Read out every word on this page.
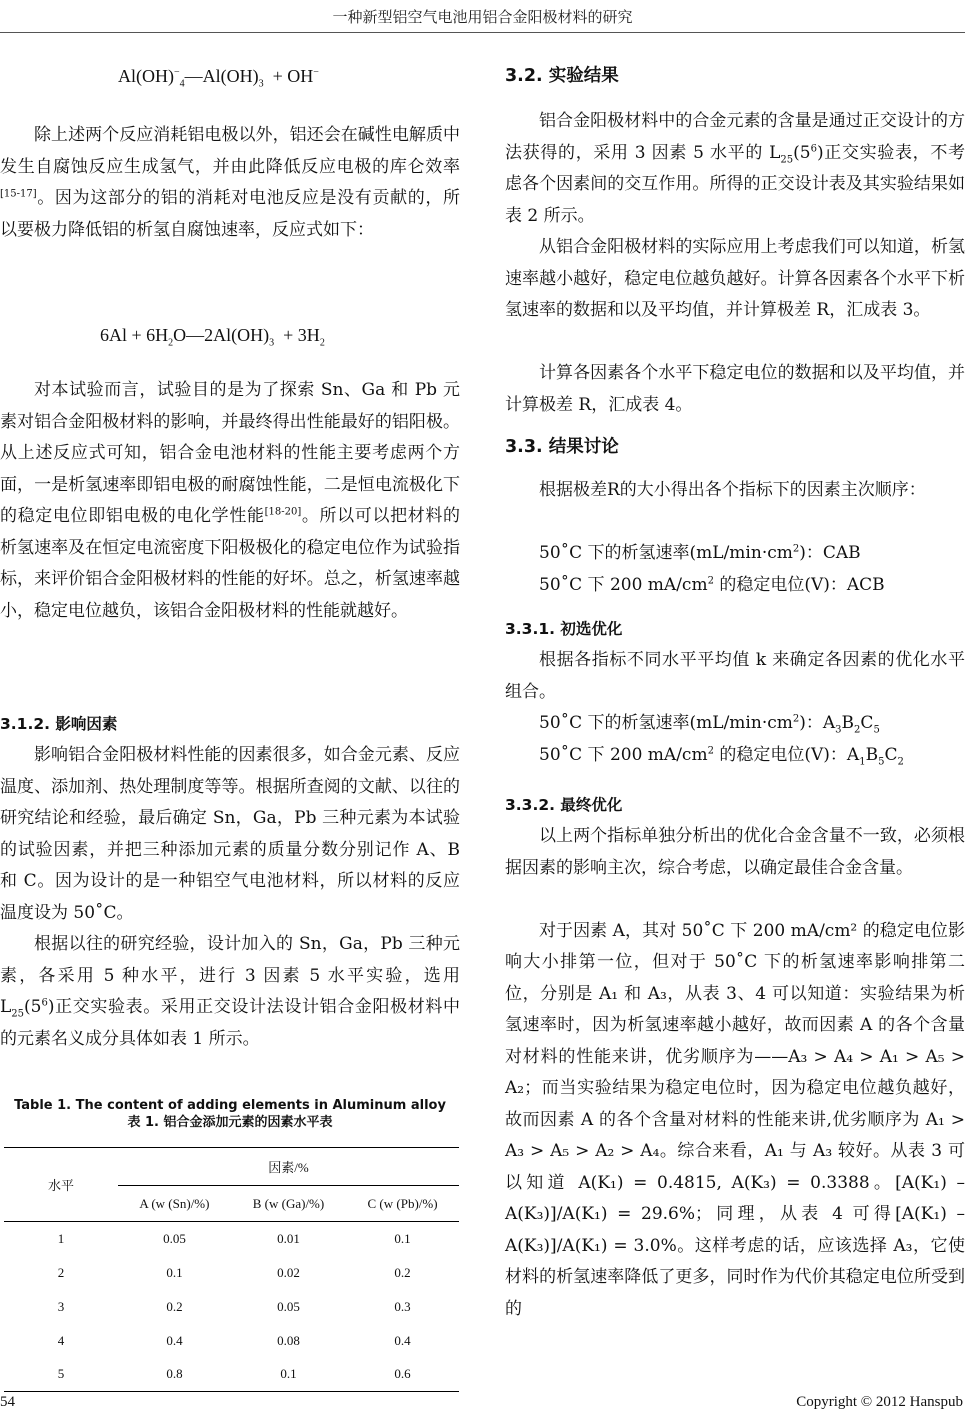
一种新型铝空气电池用铝合金阳极材料的研究
$Al(OH)^-_4—Al(OH)_3 + OH^-$

除上述两个反应消耗铝电极以外，铝还会在碱性电解质中发生自腐蚀反应生成氢气，并由此降低反应电极的库仑效率[15-17]。因为这部分的铝的消耗对电池反应是没有贡献的，所以要极力降低铝的析氢自腐蚀速率，反应式如下：

$6Al + 6H_2O—2Al(OH)_3 + 3H_2$

对本试验而言，试验目的是为了探索 Sn、Ga 和 Pb 元素对铝合金阳极材料的影响，并最终得出性能最好的铝阳极。从上述反应式可知，铝合金电池材料的性能主要考虑两个方面，一是析氢速率即铝电极的耐腐蚀性能，二是恒电流极化下的稳定电位即铝电极的电化学性能[18-20]。所以可以把材料的析氢速率及在恒定电流密度下阳极极化的稳定电位作为试验指标，来评价铝合金阳极材料的性能的好坏。总之，析氢速率越小，稳定电位越负，该铝合金阳极材料的性能就越好。

3.1.2. 影响因素

影响铝合金阳极材料性能的因素很多，如合金元素、反应温度、添加剂、热处理制度等等。根据所查阅的文献、以往的研究结论和经验，最后确定 Sn，Ga，Pb 三种元素为本试验的试验因素，并把三种添加元素的质量分数分别记作 A、B 和 C。因为设计的是一种铝空气电池材料，所以材料的反应温度设为 50˚C。

根据以往的研究经验，设计加入的 Sn，Ga，Pb 三种元素，各采用 5 种水平，进行 3 因素 5 水平实验，选用 $L_{25}(5^6)$正交实验表。采用正交设计法设计铝合金阳极材料中的元素名义成分具体如表 1 所示。

Table 1. The content of adding elements in Aluminum alloy
表 1. 铝合金添加元素的因素水平表
水平	因素/%		
	A (w (Sn)/%)	B (w (Ga)/%)	C (w (Pb)/%)
1	0.05	0.01	0.1
2	0.1	0.02	0.2
3	0.2	0.05	0.3
4	0.4	0.08	0.4
5	0.8	0.1	0.6
3.2. 实验结果

铝合金阳极材料中的合金元素的含量是通过正交设计的方法获得的，采用 3 因素 5 水平的 $L_{25}(5^6)$正交实验表，不考虑各个因素间的交互作用。所得的正交设计表及其实验结果如表 2 所示。

从铝合金阳极材料的实际应用上考虑我们可以知道，析氢速率越小越好，稳定电位越负越好。计算各因素各个水平下析氢速率的数据和以及平均值，并计算极差 R，汇成表 3。

计算各因素各个水平下稳定电位的数据和以及平均值，并计算极差 R，汇成表 4。

3.3. 结果讨论

根据极差R的大小得出各个指标下的因素主次顺序：

50˚C 下的析氢速率$(mL/\min\cdot cm^2)$：CAB

50˚C 下 200 $mA/cm^2$ 的稳定电位(V)：ACB

3.3.1. 初选优化

根据各指标不同水平平均值 k 来确定各因素的优化水平组合。

50˚C 下的析氢速率$(mL/\min\cdot cm^2)$：$A_3B_2C_5$

50˚C 下 200 $mA/cm^2$ 的稳定电位(V)：$A_1B_5C_2$

3.3.2. 最终优化

以上两个指标单独分析出的优化合金含量不一致，必须根据因素的影响主次，综合考虑，以确定最佳合金含量。

对于因素 A，其对 50˚C 下 200 mA/cm² 的稳定电位影响大小排第一位，但对于 50˚C 下的析氢速率影响排第二位，分别是 A₁ 和 A₃，从表 3、4 可以知道：实验结果为析氢速率时，因为析氢速率越小越好，故而因素 A 的各个含量对材料的性能来讲，优劣顺序为——A₃ > A₄ > A₁ > A₅ > A₂；而当实验结果为稳定电位时，因为稳定电位越负越好，故而因素 A 的各个含量对材料的性能来讲,优劣顺序为 A₁ > A₃ > A₅ > A₂ > A₄。综合来看，A₁ 与 A₃ 较好。从表 3 可以知道 A(K₁) = 0.4815, A(K₃) = 0.3388。[A(K₁) – A(K₃)]/A(K₁) = 29.6%；同理，从表 4 可得[A(K₁) – A(K₃)]/A(K₁) = 3.0%。这样考虑的话，应该选择 A₃，它使材料的析氢速率降低了更多，同时作为代价其稳定电位所受到的

54	Copyright © 2012 Hanspub
